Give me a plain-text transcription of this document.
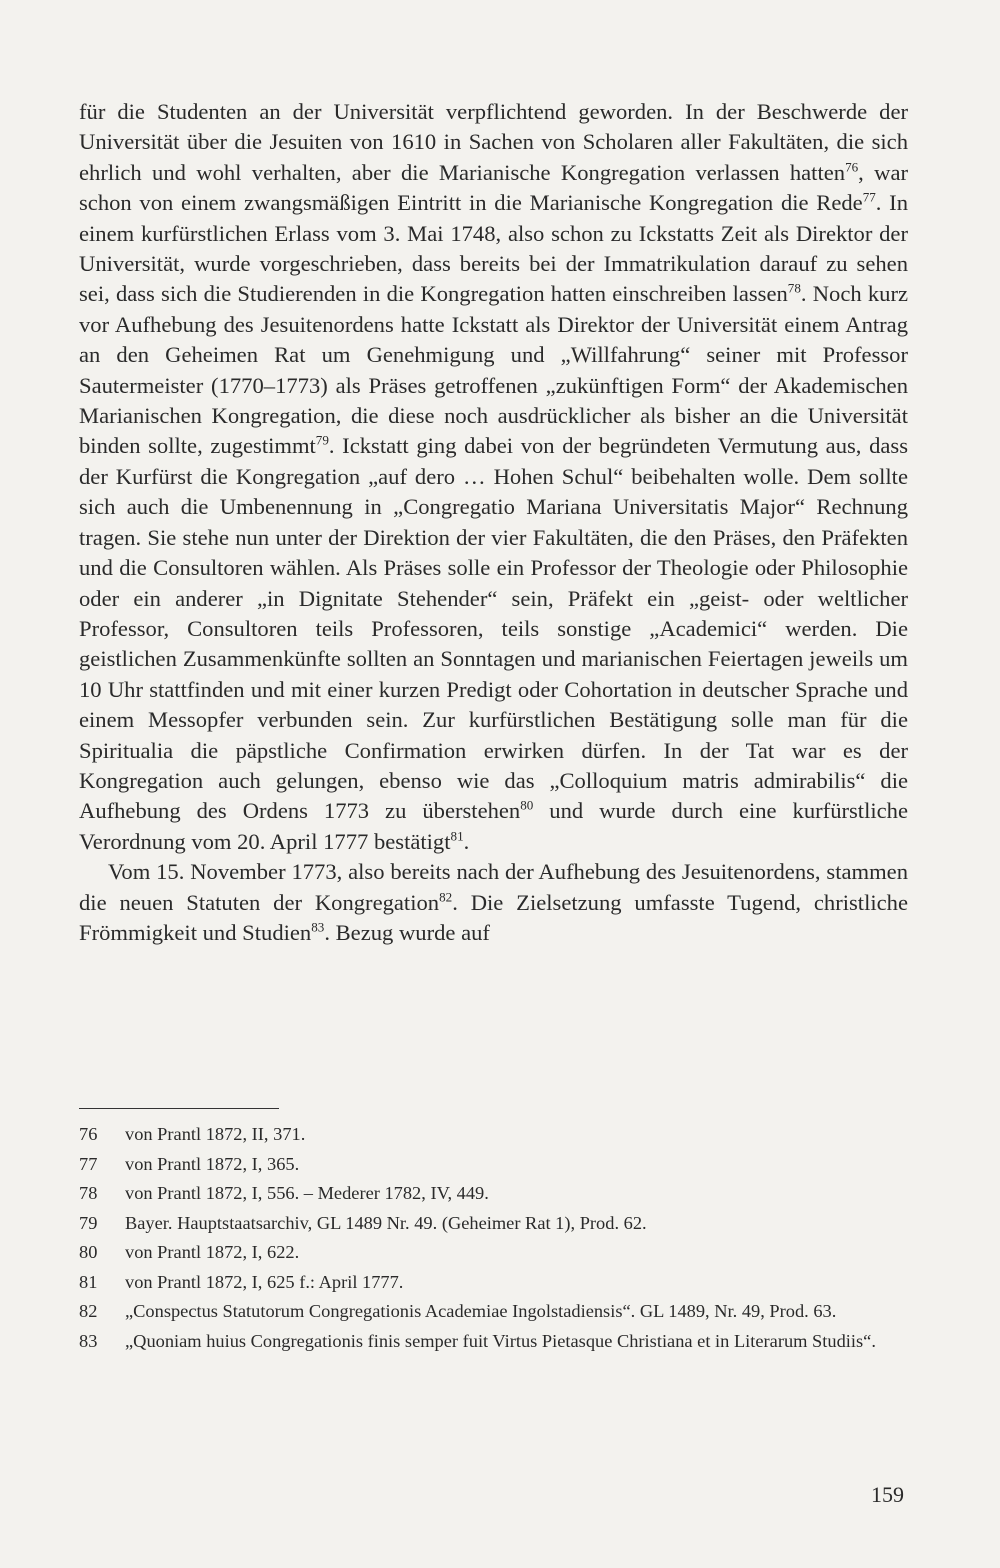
für die Studenten an der Universität verpflichtend geworden. In der Beschwerde der Universität über die Jesuiten von 1610 in Sachen von Scholaren aller Fakultäten, die sich ehrlich und wohl verhalten, aber die Marianische Kongregation verlassen hatten$^{76}$, war schon von einem zwangsmäßigen Eintritt in die Marianische Kongregation die Rede$^{77}$. In einem kurfürstlichen Erlass vom 3. Mai 1748, also schon zu Ickstatts Zeit als Direktor der Universität, wurde vorgeschrieben, dass bereits bei der Immatrikulation darauf zu sehen sei, dass sich die Studierenden in die Kongregation hatten einschreiben lassen$^{78}$. Noch kurz vor Aufhebung des Jesuitenordens hatte Ickstatt als Direktor der Universität einem Antrag an den Geheimen Rat um Genehmigung und „Willfahrung“ seiner mit Professor Sautermeister (1770–1773) als Präses getroffenen „zukünftigen Form“ der Akademischen Marianischen Kongregation, die diese noch ausdrücklicher als bisher an die Universität binden sollte, zugestimmt$^{79}$. Ickstatt ging dabei von der begründeten Vermutung aus, dass der Kurfürst die Kongregation „auf dero … Hohen Schul“ beibehalten wolle. Dem sollte sich auch die Umbenennung in „Congregatio Mariana Universitatis Major“ Rechnung tragen. Sie stehe nun unter der Direktion der vier Fakultäten, die den Präses, den Präfekten und die Consultoren wählen. Als Präses solle ein Professor der Theologie oder Philosophie oder ein anderer „in Dignitate Stehender“ sein, Präfekt ein „geist- oder weltlicher Professor, Consultoren teils Professoren, teils sonstige „Academici“ werden. Die geistlichen Zusammenkünfte sollten an Sonntagen und marianischen Feiertagen jeweils um 10 Uhr stattfinden und mit einer kurzen Predigt oder Cohortation in deutscher Sprache und einem Messopfer verbunden sein. Zur kurfürstlichen Bestätigung solle man für die Spiritualia die päpstliche Confirmation erwirken dürfen. In der Tat war es der Kongregation auch gelungen, ebenso wie das „Colloquium matris admirabilis“ die Aufhebung des Ordens 1773 zu überstehen$^{80}$ und wurde durch eine kurfürstliche Verordnung vom 20. April 1777 bestätigt$^{81}$.

Vom 15. November 1773, also bereits nach der Aufhebung des Jesuitenordens, stammen die neuen Statuten der Kongregation$^{82}$. Die Zielsetzung umfasste Tugend, christliche Frömmigkeit und Studien$^{83}$. Bezug wurde auf

76	von Prantl 1872, II, 371.
77	von Prantl 1872, I, 365.
78	von Prantl 1872, I, 556. – Mederer 1782, IV, 449.
79	Bayer. Hauptstaatsarchiv, GL 1489 Nr. 49. (Geheimer Rat 1), Prod. 62.
80	von Prantl 1872, I, 622.
81	von Prantl 1872, I, 625 f.: April 1777.
82	„Conspectus Statutorum Congregationis Academiae Ingolstadiensis“. GL 1489, Nr. 49, Prod. 63.
83	„Quoniam huius Congregationis finis semper fuit Virtus Pietasque Christiana et in Literarum Studiis“.
159
